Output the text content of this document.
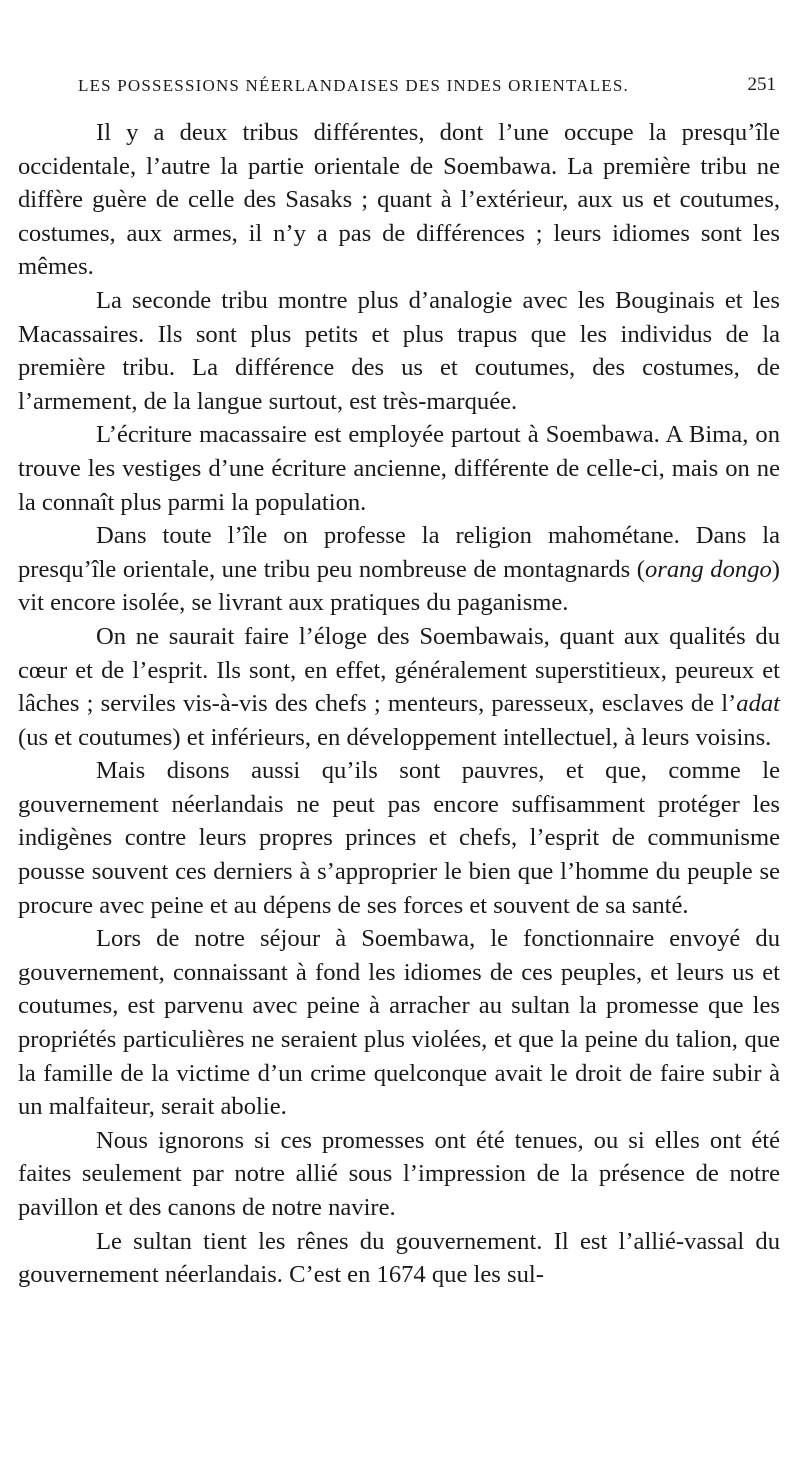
LES POSSESSIONS NÉERLANDAISES DES INDES ORIENTALES.	251

Il y a deux tribus différentes, dont l’une occupe la presqu’île occidentale, l’autre la partie orientale de Soembawa. La première tribu ne diffère guère de celle des Sasaks ; quant à l’extérieur, aux us et coutumes, costumes, aux armes, il n’y a pas de différences ; leurs idiomes sont les mêmes.

La seconde tribu montre plus d’analogie avec les Bouginais et les Macassaires. Ils sont plus petits et plus trapus que les individus de la première tribu. La différence des us et coutumes, des costumes, de l’armement, de la langue surtout, est très-marquée.

L’écriture macassaire est employée partout à Soembawa. A Bima, on trouve les vestiges d’une écriture ancienne, différente de celle-ci, mais on ne la connaît plus parmi la population.

Dans toute l’île on professe la religion mahométane. Dans la presqu’île orientale, une tribu peu nombreuse de montagnards (orang dongo) vit encore isolée, se livrant aux pratiques du paganisme.

On ne saurait faire l’éloge des Soembawais, quant aux qualités du cœur et de l’esprit. Ils sont, en effet, généralement superstitieux, peureux et lâches ; serviles vis-à-vis des chefs ; menteurs, paresseux, esclaves de l’adat (us et coutumes) et inférieurs, en développement intellectuel, à leurs voisins.

Mais disons aussi qu’ils sont pauvres, et que, comme le gouvernement néerlandais ne peut pas encore suffisamment protéger les indigènes contre leurs propres princes et chefs, l’esprit de communisme pousse souvent ces derniers à s’approprier le bien que l’homme du peuple se procure avec peine et au dépens de ses forces et souvent de sa santé.

Lors de notre séjour à Soembawa, le fonctionnaire envoyé du gouvernement, connaissant à fond les idiomes de ces peuples, et leurs us et coutumes, est parvenu avec peine à arracher au sultan la promesse que les propriétés particulières ne seraient plus violées, et que la peine du talion, que la famille de la victime d’un crime quelconque avait le droit de faire subir à un malfaiteur, serait abolie.

Nous ignorons si ces promesses ont été tenues, ou si elles ont été faites seulement par notre allié sous l’impression de la présence de notre pavillon et des canons de notre navire.

Le sultan tient les rênes du gouvernement. Il est l’allié-vassal du gouvernement néerlandais. C’est en 1674 que les sul-
